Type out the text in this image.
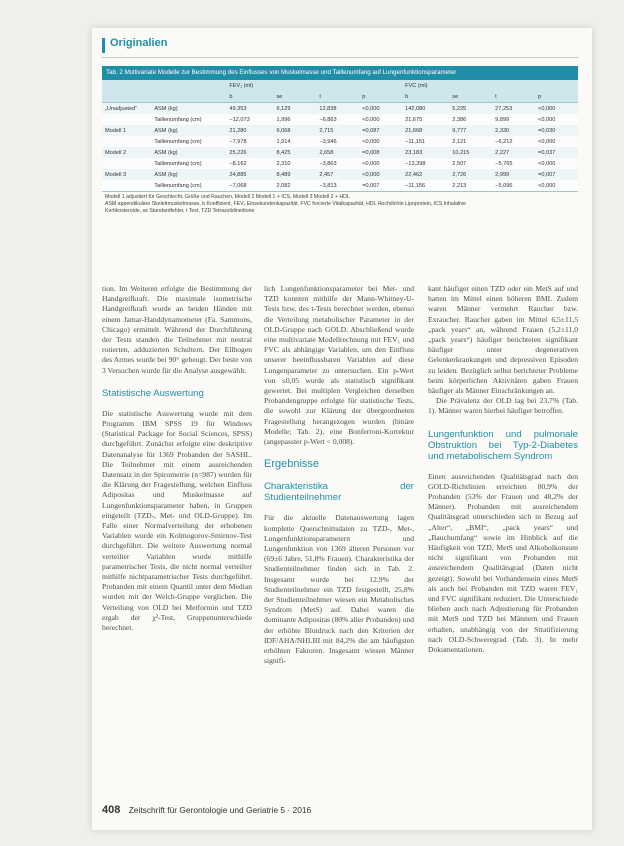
Originalien
Tab. 2 Multivariate Modelle zur Bestimmung des Einflusses von Muskelmasse und Taillenumfang auf Lungenfunktionsparameter
		FEV₁ (ml)				FVC (ml)			
		b	se	t	p	b	se	t	p
„Unadjusted“	ASM (kg)	49,353	6,129	12,838	<0,000	142,080	5,225	27,253	<0,000
	Taillenumfang (cm)	−12,073	1,996	−6,863	<0,000	21,675	2,386	9,899	<0,000
Modell 1	ASM (kg)	21,280	6,068	2,715	=0,087	21,668	9,777	2,330	=0,030
	Taillenumfang (cm)	−7,978	1,914	−3,946	<0,000	−11,151	2,121	−6,212	<0,000
Modell 2	ASM (kg)	25,226	8,425	2,658	=0,008	23,183	10,215	2,227	=0,037
	Taillenumfang (cm)	−8,162	2,310	−3,863	<0,000	−13,398	2,507	−5,765	<0,000
Modell 3	ASM (kg)	24,885	8,489	2,457	<0,000	22,462	2,726	2,999	=0,007
	Taillenumfang (cm)	−7,068	2,082	−3,813	=0,007	−11,156	2,213	−5,096	<0,000
Modell 1 adjustiert für Geschlecht, Größe und Rauchen, Modell 2 Modell 1 + ICS, Modell 3 Modell 2 + HDL
ASM appendikuläre Skelettmuskelmasse, b Koeffizient, FEV₁ Einsekundenkapazität, FVC forcierte Vitalkapazität, HDL Hochdichte Lipoprotein, ICS Inhalative
Kortikosteroide, se Standardfehler, t Test, TZD Tetrazolidinedione

tion. Im Weiteren erfolgte die Bestimmung der Handgreifkraft. Die maximale isometrische Handgreifkraft wurde an beiden Händen mit einem Jamar-Handdynamometer (Fa. Sammons, Chicago) ermittelt. Während der Durchführung der Tests standen die Teilnehmer mit neutral rotierten, adduzierten Schultern. Der Ellbogen des Armes wurde bei 90° gebeugt. Der beste von 3 Versuchen wurde für die Analyse ausgewählt.

Statistische Auswertung

Die statistische Auswertung wurde mit dem Programm IBM SPSS 19 für Windows (Statistical Package for Social Sciences, SPSS) durchgeführt. Zunächst erfolgte eine deskriptive Datenanalyse für 1369 Probanden der SASHL. Die Teilnehmer mit einem ausreichenden Datensatz in der Spirometrie (n=987) wurden für die Klärung der Fragestellung, welchen Einfluss Adipositas und Muskelmasse auf Lungenfunktionsparameter haben, in Gruppen eingeteilt (TZD-, Met- und OLD-Gruppe). Im Falle einer Normalverteilung der erhobenen Variablen wurde ein Kolmogorov-Smirnov-Test durchgeführt. Die weitere Auswertung normal verteilter Variablen wurde mithilfe parametrischer Tests, die nicht normal verteilter mithilfe nichtparametrischer Tests durchgeführt. Probanden mit einem Quantil unter dem Median wurden mit der Welch-Gruppe verglichen. Die Verteilung von OLD bei Metformin und TZD ergab der χ²-Test, Gruppenunterschiede berechnet.

lich Lungenfunktionsparameter bei Met- und TZD konnten mithilfe der Mann-Whitney-U-Tests bzw. des t-Tests berechnet werden, ebenso die Verteilung metabolischer Parameter in der OLD-Gruppe nach GOLD. Abschließend wurde eine multivariate Modellrechnung mit FEV₁ und FVC als abhängige Variablen, um den Einfluss unserer beeinflussbaren Variablen auf diese Lungenparameter zu untersuchen. Ein p-Wert von ≤0,05 wurde als statistisch signifikant gewertet. Bei multiplen Vergleichen derselben Probandengruppe erfolgte für statistische Tests, die sowohl zur Klärung der übergeordneten Fragestellung herangezogen wurden (binäre Modelle; Tab. 2), eine Bonferroni-Korrektur (angepasster p-Wert < 0,008).

Ergebnisse
Charakteristika der Studienteilnehmer

Für die aktuelle Datenauswertung lagen komplette Querschnittsdaten zu TZD-, Met-, Lungenfunktionsparametern und Lungenfunktion von 1369 älteren Personen vor (69±6 Jahre, 51,8% Frauen). Charakteristika der Studienteilnehmer finden sich in Tab. 2. Insgesamt wurde bei 12,9% der Studienteilnehmer ein TZD festgestellt, 25,8% der Studienteilnehmer wiesen ein Metabolisches Syndrom (MetS) auf. Dabei waren die dominante Adipositas (80% aller Probanden) und der erhöhte Blutdruck nach den Kriterien der IDF/AHA/NHLBI mit 84,2% die am häufigsten erhöhten Faktoren. Insgesamt wiesen Männer signifi-

kant häufiger einen TZD oder ein MetS auf und hatten im Mittel einen höheren BMI. Zudem waren Männer vermehrt Raucher bzw. Exraucher. Raucher gaben im Mittel 6,5±11,5 „pack years“ an, während Frauen (5,2±11,0 „pack years“) häufiger berichteten signifikant häufiger unter degenerativen Gelenkerkrankungen und depressiven Episoden zu leiden. Bezüglich selbst berichteter Probleme beim körperlichen Aktivitäten gaben Frauen häufiger als Männer Einschränkungen an.

Die Prävalenz der OLD lag bei 23,7% (Tab. 1). Männer waren hierbei häufiger betroffen.

Lungenfunktion und pulmonale Obstruktion bei Typ-2-Diabetes und metabolischem Syndrom

Einen ausreichenden Qualitätsgrad nach den GOLD-Richtlinien erreichten 80,9% der Probanden (53% der Frauen und 48,2% der Männer). Probanden mit ausreichendem Qualitätsgrad unterschieden sich in Bezug auf „Alter“, „BMI“, „pack years“ und „Bauchumfang“ sowie im Hinblick auf die Häufigkeit von TZD, MetS und Alkoholkonsum nicht signifikant von Probanden mit ausreichendem Qualitätsgrad (Daten nicht gezeigt). Sowohl bei Vorhandensein eines MetS als auch bei Probanden mit TZD waren FEV₁ und FVC signifikant reduziert. Die Unterschiede blieben auch nach Adjustierung für Probanden mit MetS und TZD bei Männern und Frauen erhalten, unabhängig von der Stratifizierung nach OLD-Schweregrad (Tab. 3). In mehr Dokumentationen.

408 Zeitschrift für Gerontologie und Geriatrie 5 · 2016
